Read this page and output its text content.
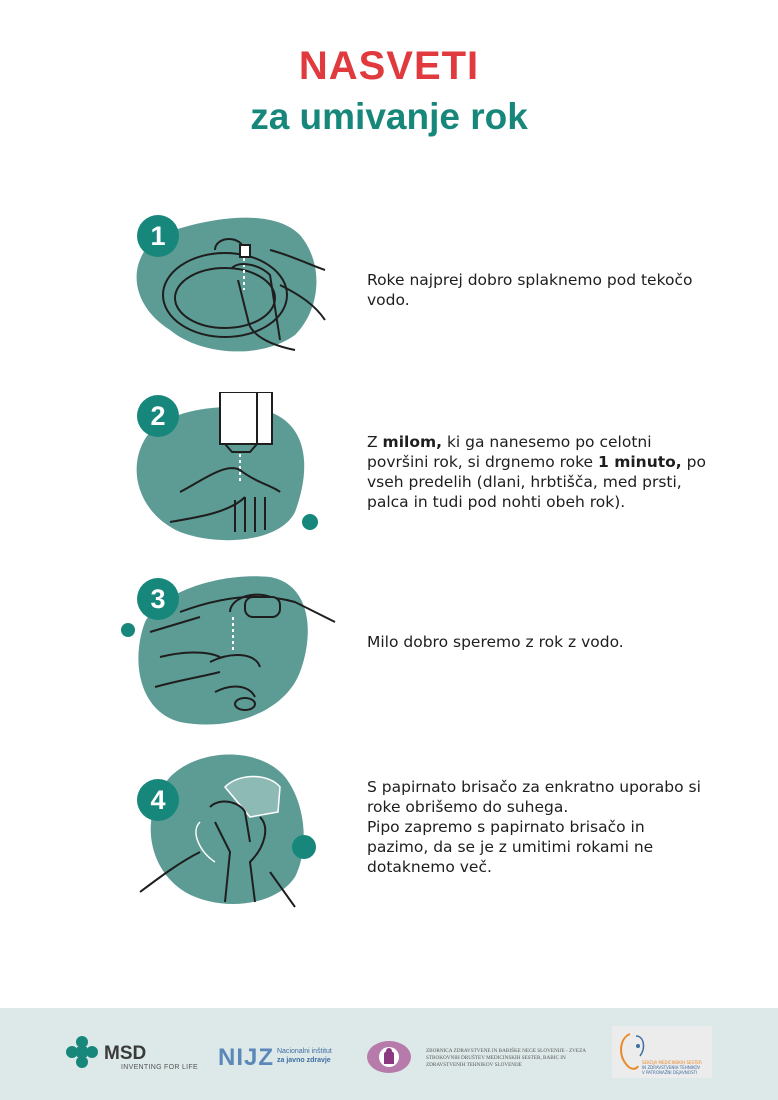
NASVETI
za umivanje rok
1
Roke najprej dobro splaknemo pod tekočo vodo.
2
Z milom, ki ga nanesemo po celotni površini rok, si drgnemo roke 1 minuto, po vseh predelih (dlani, hrbtišča, med prsti, palca in tudi pod nohti obeh rok).
3
Milo dobro speremo z rok z vodo.
4	S papirnato brisačo za enkratno uporabo si roke obrišemo do suhega.
Pipo zapremo s papirnato brisačo in pazimo, da se je z umitimi rokami ne dotaknemo več.
MSD
INVENTING FOR LIFE NIJZ Nacionalni inštitut
za javno zdravje
ZBORNICA ZDRAVSTVENE IN BABIŠKE NEGE SLOVENIJE - ZVEZA STROKOVNIH DRUŠTEV MEDICINSKIH SESTER, BABIC IN ZDRAVSTVENIH TEHNIKOV SLOVENIJE	SEKCIJA MEDICINSKIH SESTER
IN ZDRAVSTVENIH TEHNIKOV
V PATRONAŽNI DEJAVNOSTI
